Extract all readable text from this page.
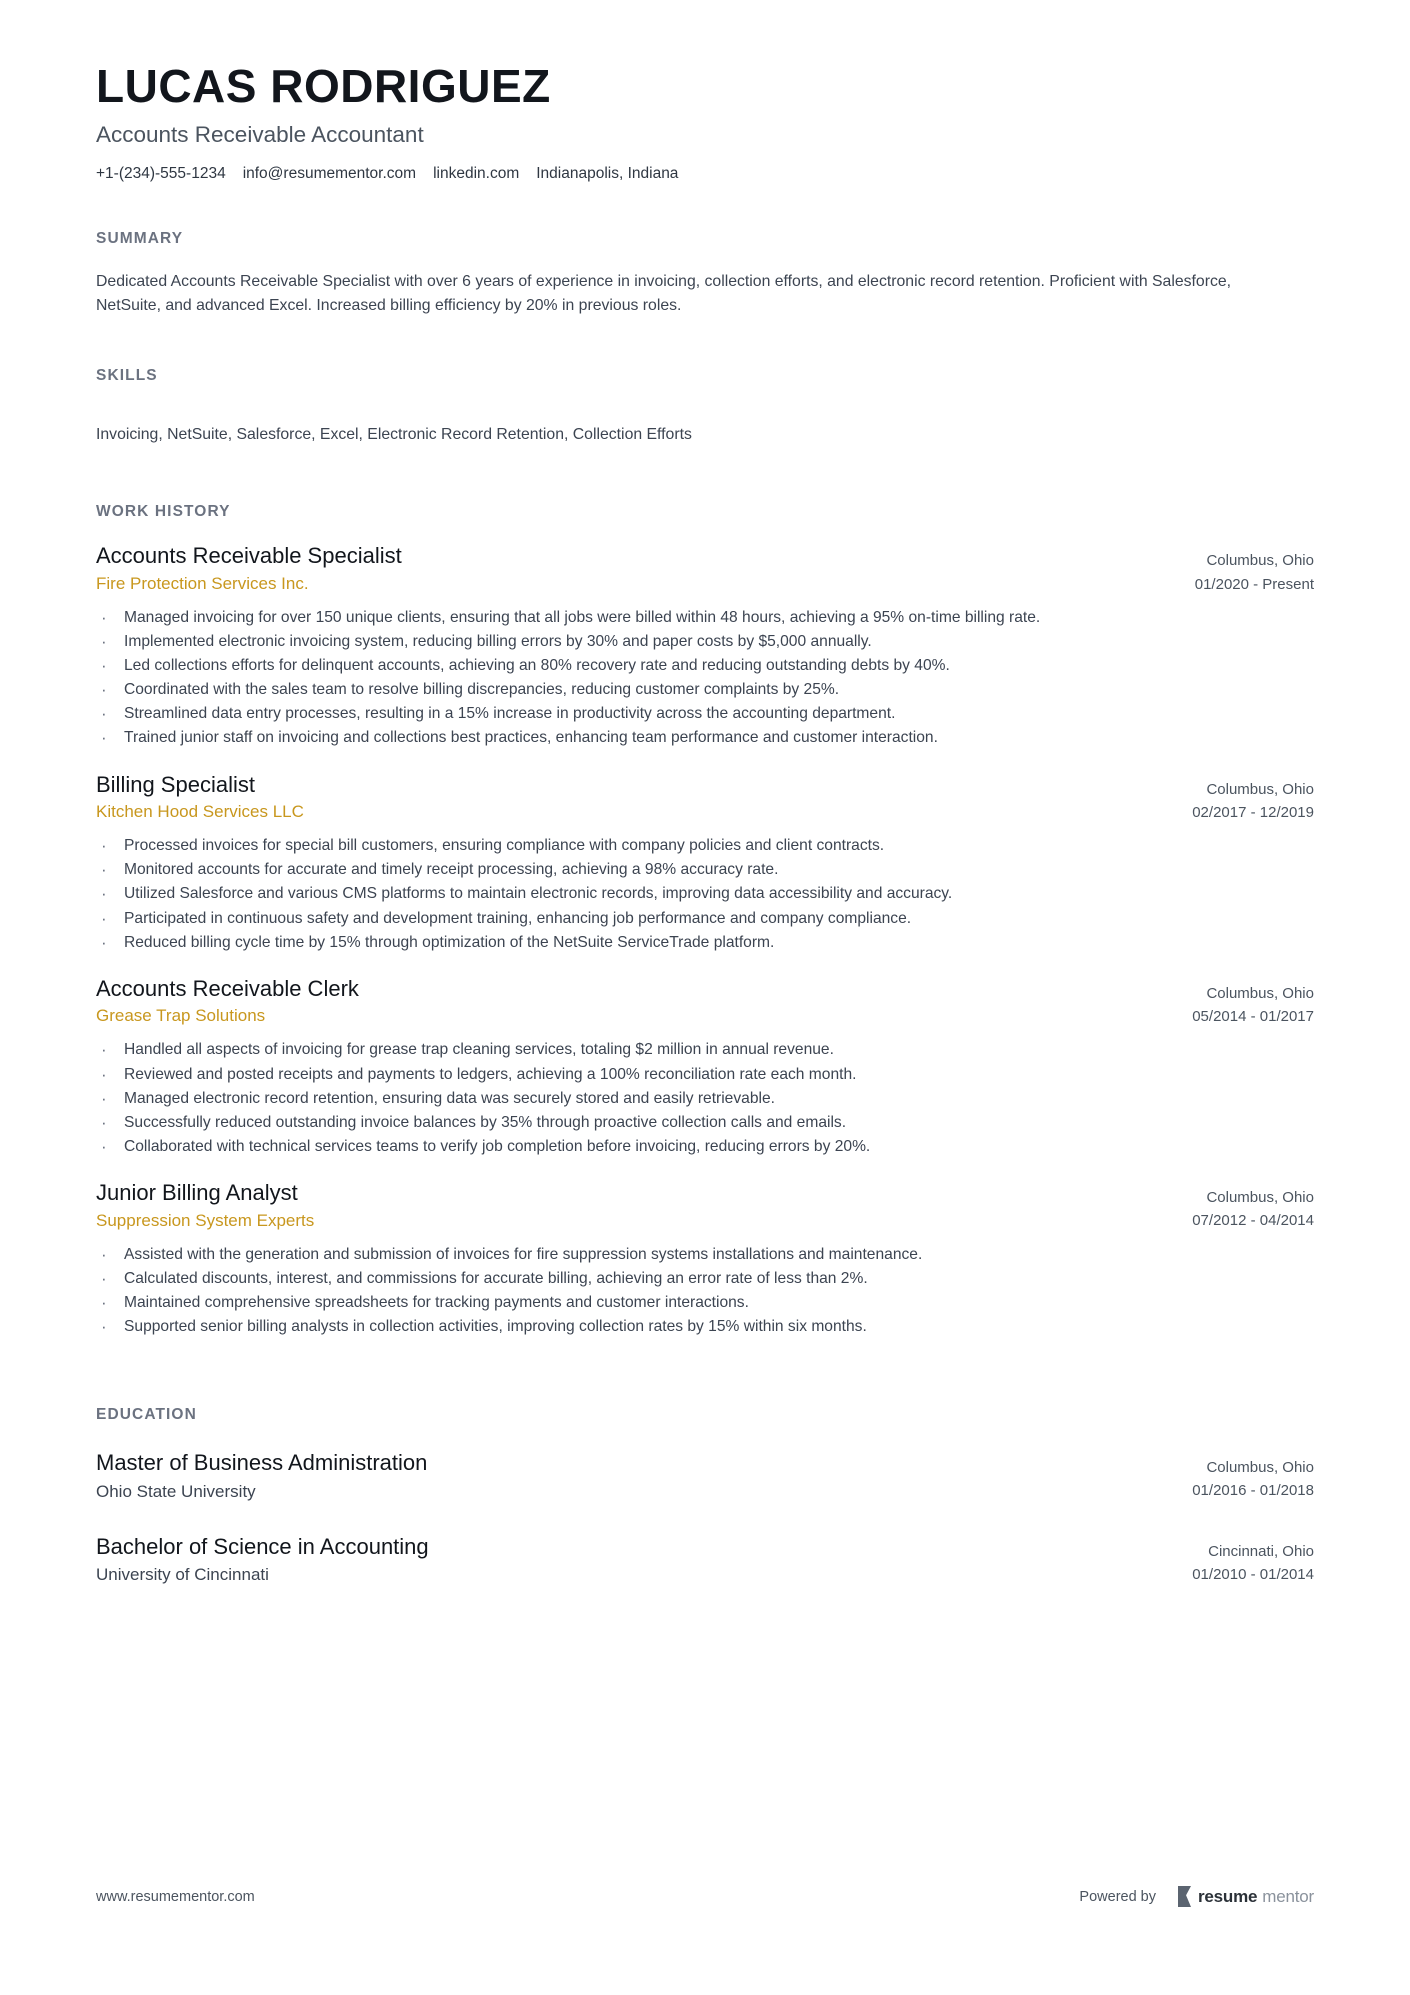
LUCAS RODRIGUEZ
Accounts Receivable Accountant
+1-(234)-555-1234 info@resumementor.com linkedin.com Indianapolis, Indiana
SUMMARY

Dedicated Accounts Receivable Specialist with over 6 years of experience in invoicing, collection efforts, and electronic record retention. Proficient with Salesforce, NetSuite, and advanced Excel. Increased billing efficiency by 20% in previous roles.

SKILLS

Invoicing, NetSuite, Salesforce, Excel, Electronic Record Retention, Collection Efforts

WORK HISTORY
Accounts Receivable Specialist
Fire Protection Services Inc.
Columbus, Ohio
01/2020 - Present
· Managed invoicing for over 150 unique clients, ensuring that all jobs were billed within 48 hours, achieving a 95% on-time billing rate.
· Implemented electronic invoicing system, reducing billing errors by 30% and paper costs by $5,000 annually.
· Led collections efforts for delinquent accounts, achieving an 80% recovery rate and reducing outstanding debts by 40%.
· Coordinated with the sales team to resolve billing discrepancies, reducing customer complaints by 25%.
· Streamlined data entry processes, resulting in a 15% increase in productivity across the accounting department.
· Trained junior staff on invoicing and collections best practices, enhancing team performance and customer interaction.
Billing Specialist
Kitchen Hood Services LLC
Columbus, Ohio
02/2017 - 12/2019
· Processed invoices for special bill customers, ensuring compliance with company policies and client contracts.
· Monitored accounts for accurate and timely receipt processing, achieving a 98% accuracy rate.
· Utilized Salesforce and various CMS platforms to maintain electronic records, improving data accessibility and accuracy.
· Participated in continuous safety and development training, enhancing job performance and company compliance.
· Reduced billing cycle time by 15% through optimization of the NetSuite ServiceTrade platform.
Accounts Receivable Clerk
Grease Trap Solutions
Columbus, Ohio
05/2014 - 01/2017
· Handled all aspects of invoicing for grease trap cleaning services, totaling $2 million in annual revenue.
· Reviewed and posted receipts and payments to ledgers, achieving a 100% reconciliation rate each month.
· Managed electronic record retention, ensuring data was securely stored and easily retrievable.
· Successfully reduced outstanding invoice balances by 35% through proactive collection calls and emails.
· Collaborated with technical services teams to verify job completion before invoicing, reducing errors by 20%.
Junior Billing Analyst
Suppression System Experts
Columbus, Ohio
07/2012 - 04/2014
· Assisted with the generation and submission of invoices for fire suppression systems installations and maintenance.
· Calculated discounts, interest, and commissions for accurate billing, achieving an error rate of less than 2%.
· Maintained comprehensive spreadsheets for tracking payments and customer interactions.
· Supported senior billing analysts in collection activities, improving collection rates by 15% within six months.
EDUCATION
Master of Business Administration
Ohio State University
Columbus, Ohio
01/2016 - 01/2018
Bachelor of Science in Accounting
University of Cincinnati
Cincinnati, Ohio
01/2010 - 01/2014
www.resumementor.com	Powered by resume mentor
